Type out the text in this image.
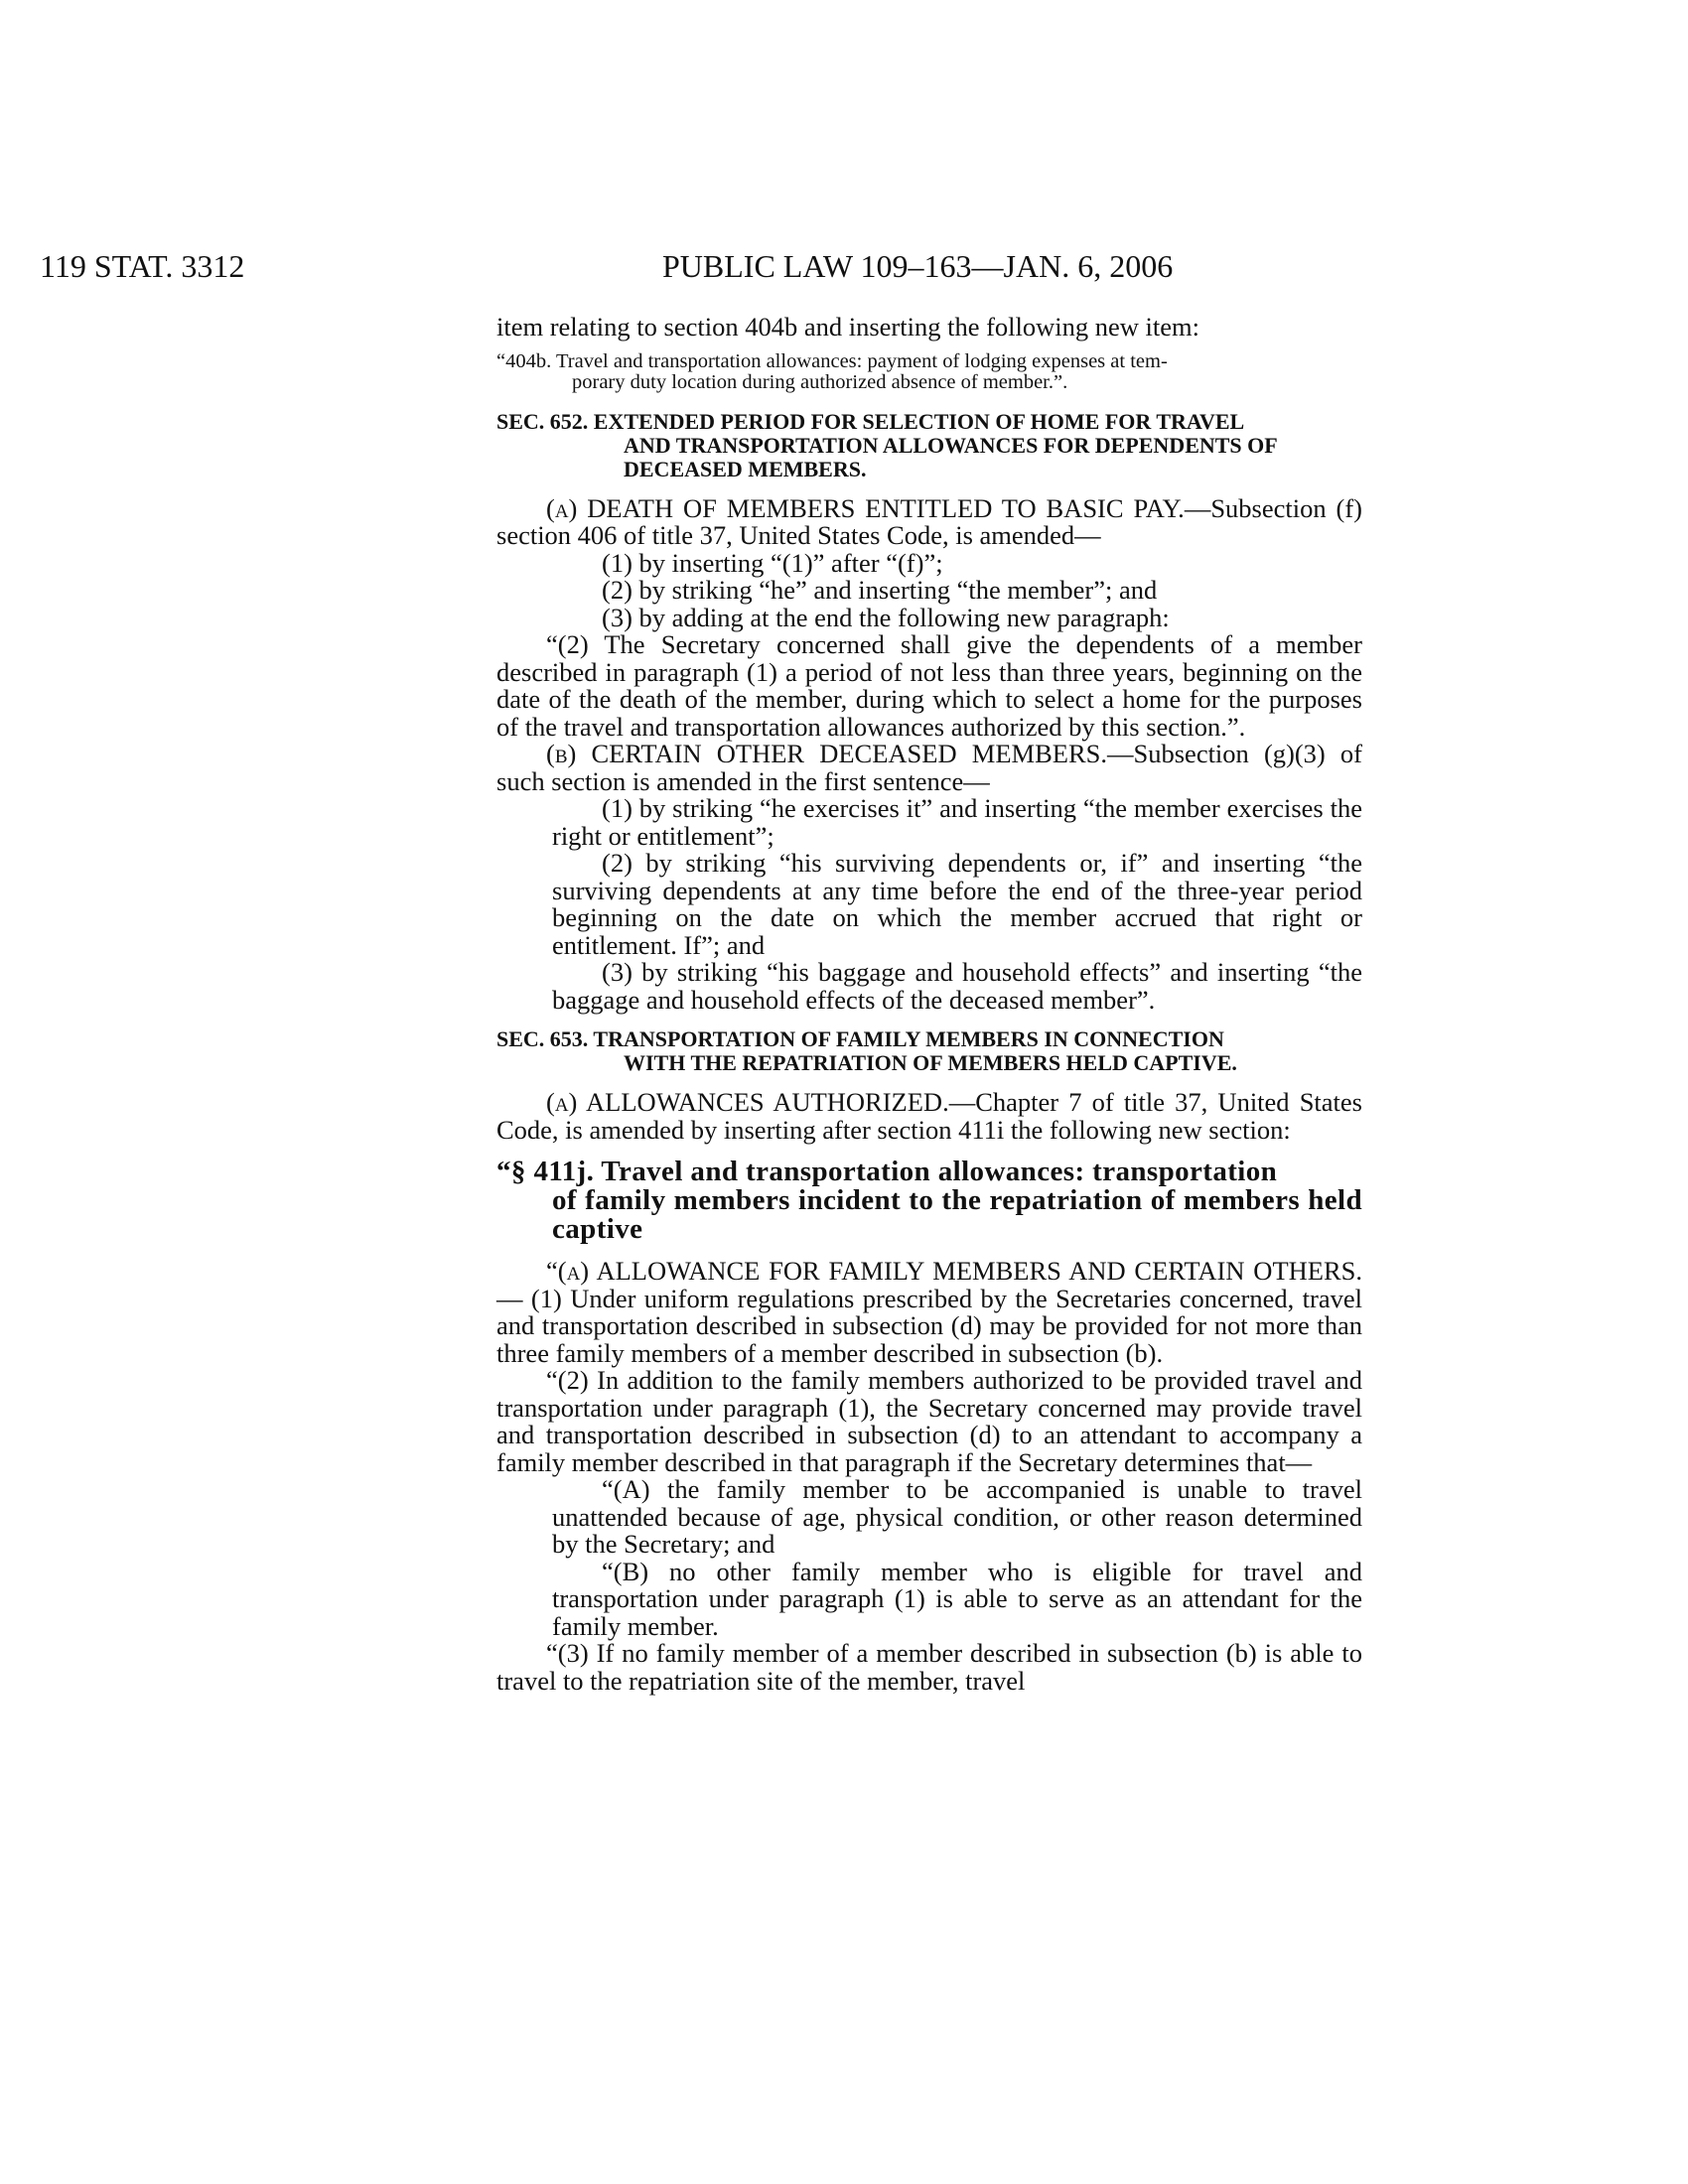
119 STAT. 3312	PUBLIC LAW 109–163—JAN. 6, 2006

item relating to section 404b and inserting the following new item:

“404b. Travel and transportation allowances: payment of lodging expenses at tem-
porary duty location during authorized absence of member.”.

SEC. 652. EXTENDED PERIOD FOR SELECTION OF HOME FOR TRAVEL
AND TRANSPORTATION ALLOWANCES FOR DEPENDENTS OF DECEASED MEMBERS.

(a) DEATH OF MEMBERS ENTITLED TO BASIC PAY.—Subsection (f) section 406 of title 37, United States Code, is amended—

(1) by inserting “(1)” after “(f)”;

(2) by striking “he” and inserting “the member”; and

(3) by adding at the end the following new paragraph:

“(2) The Secretary concerned shall give the dependents of a member described in paragraph (1) a period of not less than three years, beginning on the date of the death of the member, during which to select a home for the purposes of the travel and transportation allowances authorized by this section.”.

(b) CERTAIN OTHER DECEASED MEMBERS.—Subsection (g)(3) of such section is amended in the first sentence—

(1) by striking “he exercises it” and inserting “the member exercises the right or entitlement”;

(2) by striking “his surviving dependents or, if” and inserting “the surviving dependents at any time before the end of the three-year period beginning on the date on which the member accrued that right or entitlement. If”; and

(3) by striking “his baggage and household effects” and inserting “the baggage and household effects of the deceased member”.

SEC. 653. TRANSPORTATION OF FAMILY MEMBERS IN CONNECTION
WITH THE REPATRIATION OF MEMBERS HELD CAPTIVE.

(a) ALLOWANCES AUTHORIZED.—Chapter 7 of title 37, United States Code, is amended by inserting after section 411i the following new section:

“§ 411j. Travel and transportation allowances: transportation
of family members incident to the repatriation of members held captive

“(a) ALLOWANCE FOR FAMILY MEMBERS AND CERTAIN OTHERS.— (1) Under uniform regulations prescribed by the Secretaries concerned, travel and transportation described in subsection (d) may be provided for not more than three family members of a member described in subsection (b).

“(2) In addition to the family members authorized to be provided travel and transportation under paragraph (1), the Secretary concerned may provide travel and transportation described in subsection (d) to an attendant to accompany a family member described in that paragraph if the Secretary determines that—

“(A) the family member to be accompanied is unable to travel unattended because of age, physical condition, or other reason determined by the Secretary; and

“(B) no other family member who is eligible for travel and transportation under paragraph (1) is able to serve as an attendant for the family member.

“(3) If no family member of a member described in subsection (b) is able to travel to the repatriation site of the member, travel
